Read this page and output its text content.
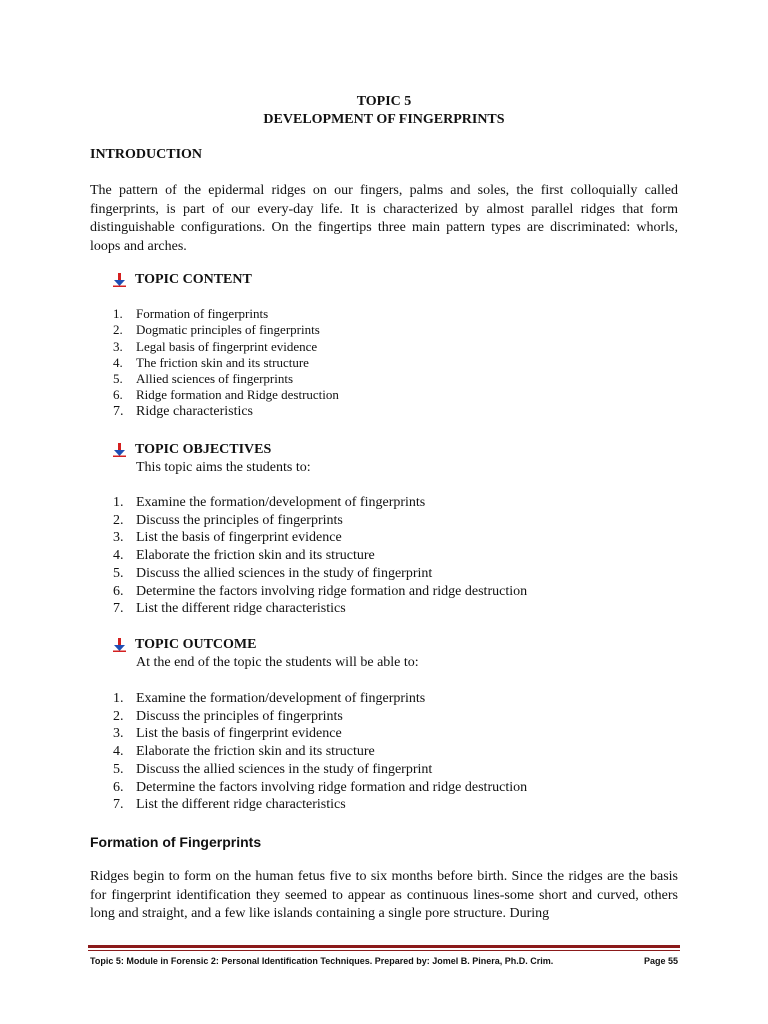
TOPIC 5
DEVELOPMENT OF FINGERPRINTS
INTRODUCTION
The pattern of the epidermal ridges on our fingers, palms and soles, the first colloquially called fingerprints, is part of our every-day life. It is characterized by almost parallel ridges that form distinguishable configurations. On the fingertips three main pattern types are discriminated: whorls, loops and arches.
TOPIC CONTENT
1.	Formation of fingerprints
2.	Dogmatic principles of fingerprints
3.	Legal basis of fingerprint evidence
4.	The friction skin and its structure
5.	Allied sciences of fingerprints
6.	Ridge formation and Ridge destruction
7. Ridge characteristics
TOPIC OBJECTIVES
This topic aims the students to:
1. Examine the formation/development of fingerprints
2. Discuss the principles of fingerprints
3. List the basis of fingerprint evidence
4. Elaborate the friction skin and its structure
5. Discuss the allied sciences in the study of fingerprint
6. Determine the factors involving ridge formation and ridge destruction
7. List the different ridge characteristics
TOPIC OUTCOME
At the end of the topic the students will be able to:
1. Examine the formation/development of fingerprints
2. Discuss the principles of fingerprints
3. List the basis of fingerprint evidence
4. Elaborate the friction skin and its structure
5. Discuss the allied sciences in the study of fingerprint
6. Determine the factors involving ridge formation and ridge destruction
7. List the different ridge characteristics
Formation of Fingerprints
Ridges begin to form on the human fetus five to six months before birth. Since the ridges are the basis for fingerprint identification they seemed to appear as continuous lines-some short and curved, others long and straight, and a few like islands containing a single pore structure. During
Topic 5: Module in Forensic 2: Personal Identification Techniques. Prepared by: Jomel B. Pinera, Ph.D. Crim.	Page 55
